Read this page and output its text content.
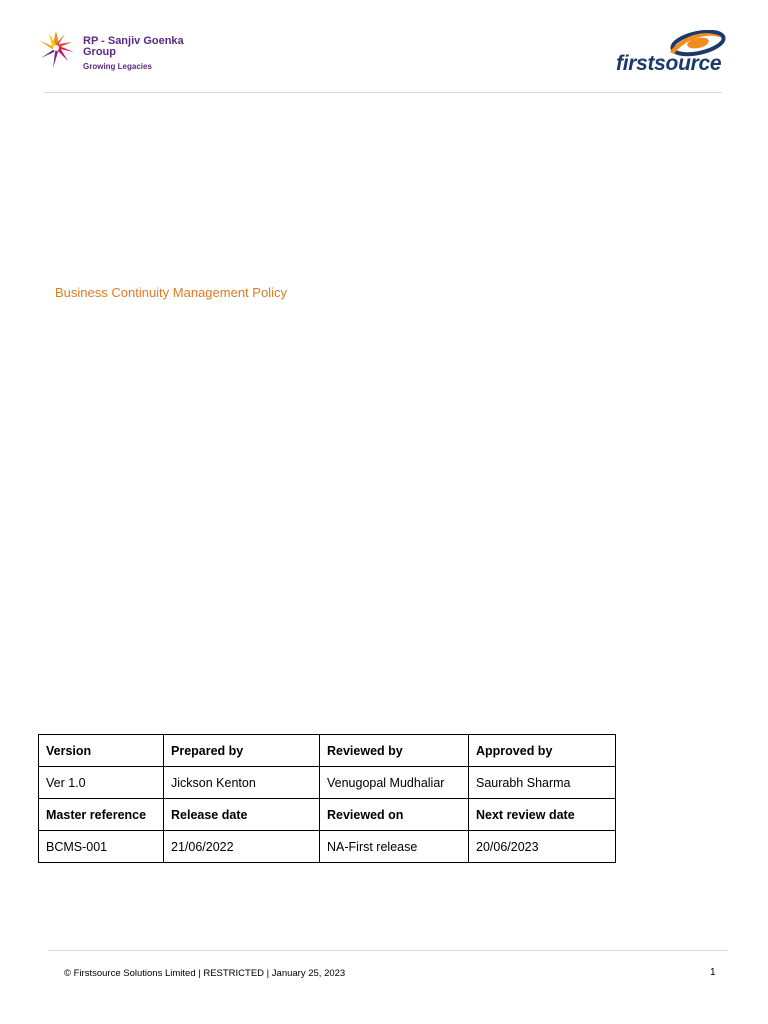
RP - Sanjiv Goenka
Group
Growing Legacies	firstsource
Business Continuity Management Policy
Version	Prepared by	Reviewed by	Approved by
Ver 1.0	Jickson Kenton	Venugopal Mudhaliar	Saurabh Sharma
Master reference	Release date	Reviewed on	Next review date
BCMS-001	21/06/2022	NA-First release	20/06/2023
© Firstsource Solutions Limited | RESTRICTED | January 25, 2023	1
